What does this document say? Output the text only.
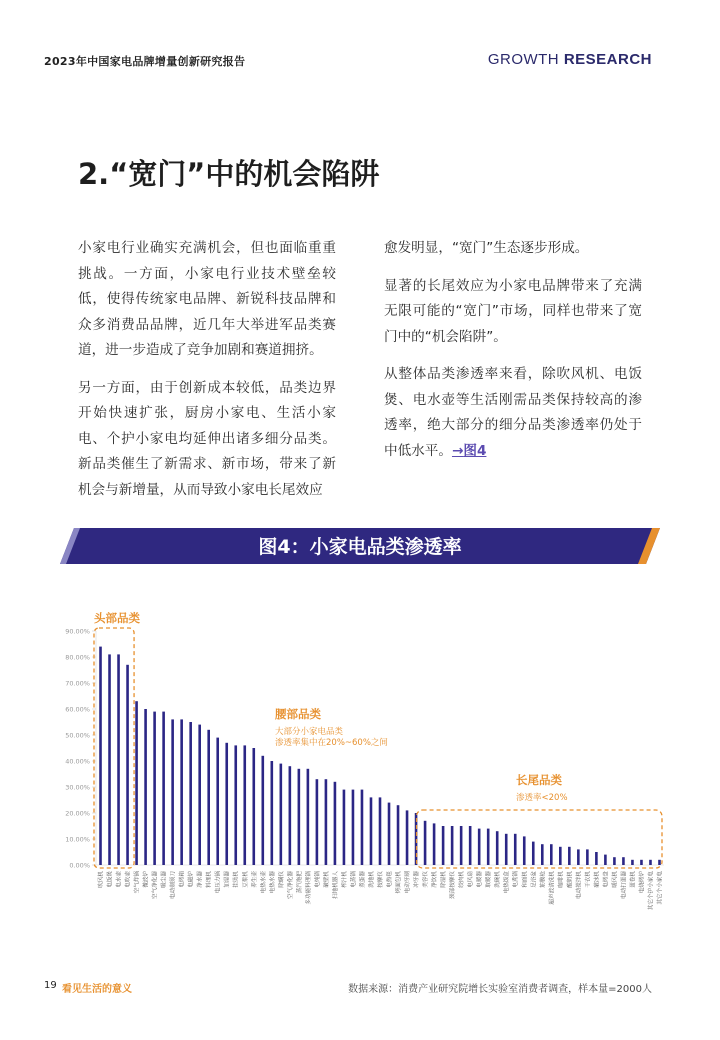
2023年中国家电品牌增量创新研究报告	GROWTH RESEARCH
2.“宽门”中的机会陷阱

小家电行业确实充满机会，但也面临重重挑战。一方面，小家电行业技术壁垒较低，使得传统家电品牌、新锐科技品牌和众多消费品品牌，近几年大举进军品类赛道，进一步造成了竞争加剧和赛道拥挤。

另一方面，由于创新成本较低，品类边界开始快速扩张，厨房小家电、生活小家电、个护小家电均延伸出诸多细分品类。新品类催生了新需求、新市场，带来了新机会与新增量，从而导致小家电长尾效应

愈发明显，“宽门”生态逐步形成。

显著的长尾效应为小家电品牌带来了充满无限可能的“宽门”市场，同样也带来了宽门中的“机会陷阱”。

从整体品类渗透率来看，除吹风机、电饭煲、电水壶等生活刚需品类保持较高的渗透率，绝大部分的细分品类渗透率仍处于中低水平。→图4

图4：小家电品类渗透率
0.00%
10.00%
20.00%
30.00%
40.00%
50.00%
60.00%
70.00%
80.00%
90.00%
吹风机 电饭煲 电水壶 电吹壶 空气炸锅 微波炉 空气净化器 吸尘器 电动剃须刀 电烤箱 电磁炉 净水器 料理机 电压力锅 加湿器 挂烫机 豆浆机 养生壶 电热水壶 电热水器 除螨仪 空气净化器 蒸汽拖把 多功能料理锅 电炖锅 破壁机 扫地机器人 榨汁机 电蒸锅 煮蛋器 洗地机 按摩仪 电热毯 烤面包机 电动牙刷 冲牙器 美容仪 净饮机 除湿机 颈部按摩仪 绞肉机 电风扇 电暖器 取暖器 洗碗机 电热饭盒 电煮锅 和面机 足浴盆 筋膜枪 超声波清洗机 咖啡机 酸奶机 电动搅拌机 干衣机 破冰机 电烤盘 暖风机 电动打蛋器 蛋卷机 电烧烤炉 其它个护小家电 其它个小家电
头部品类
腰部品类
大部分小家电品类
渗透率集中在20%~60%之间
长尾品类
渗透率<20%
19 看见生活的意义	数据来源：消费产业研究院增长实验室消费者调查，样本量=2000人
